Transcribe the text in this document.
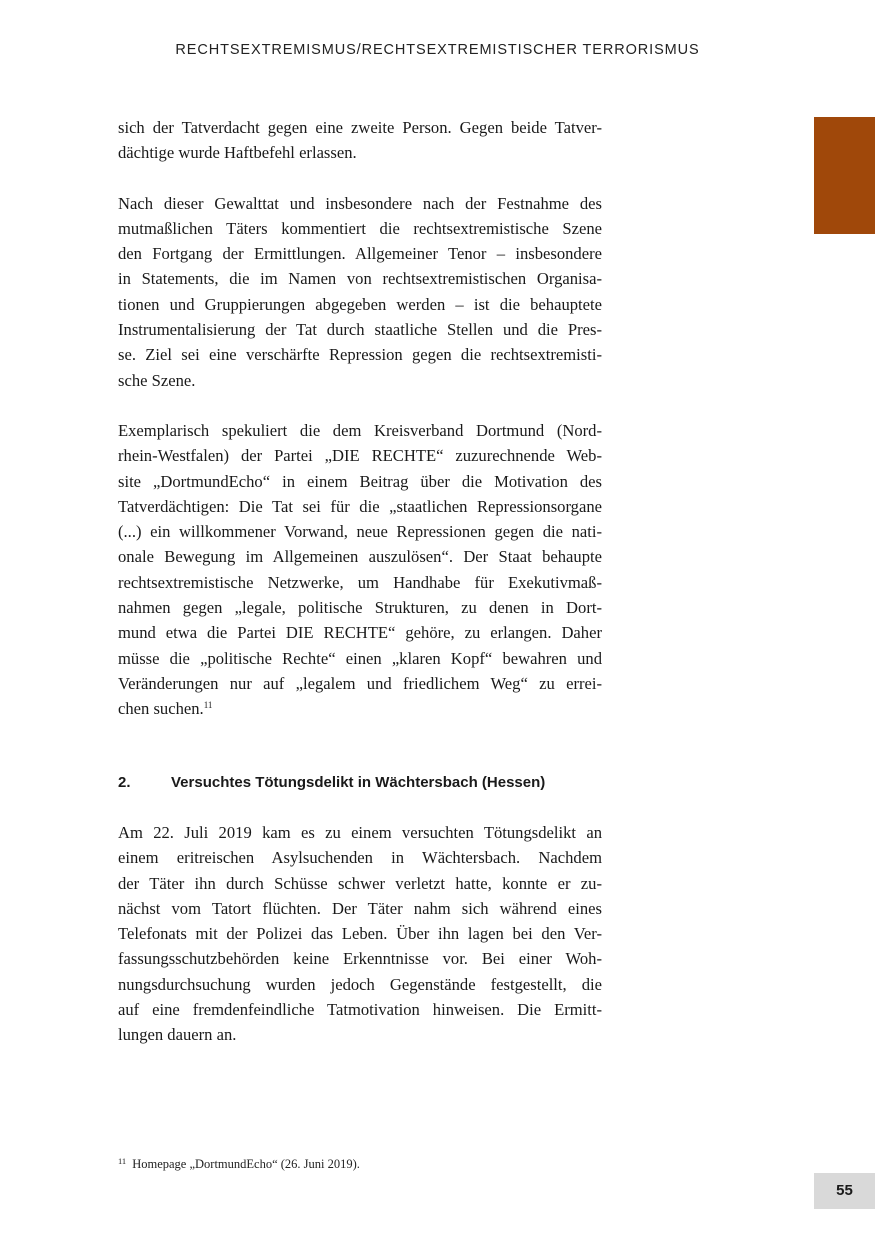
RECHTSEXTREMISMUS/RECHTSEXTREMISTISCHER TERRORISMUS

sich der Tatverdacht gegen eine zweite Person. Gegen beide Tatver-
dächtige wurde Haftbefehl erlassen.

Nach dieser Gewalttat und insbesondere nach der Festnahme des
mutmaßlichen Täters kommentiert die rechtsextremistische Szene
den Fortgang der Ermittlungen. Allgemeiner Tenor – insbesondere
in Statements, die im Namen von rechtsextremistischen Organisa-
tionen und Gruppierungen abgegeben werden – ist die behauptete
Instrumentalisierung der Tat durch staatliche Stellen und die Pres-
se. Ziel sei eine verschärfte Repression gegen die rechtsextremisti-
sche Szene.

Exemplarisch spekuliert die dem Kreisverband Dortmund (Nord-
rhein-Westfalen) der Partei „DIE RECHTE“ zuzurechnende Web-
site „DortmundEcho“ in einem Beitrag über die Motivation des
Tatverdächtigen: Die Tat sei für die „staatlichen Repressionsorgane
(...) ein willkommener Vorwand, neue Repressionen gegen die nati-
onale Bewegung im Allgemeinen auszulösen“. Der Staat behaupte
rechtsextremistische Netzwerke, um Handhabe für Exekutivmaß-
nahmen gegen „legale, politische Strukturen, zu denen in Dort-
mund etwa die Partei DIE RECHTE“ gehöre, zu erlangen. Daher
müsse die „politische Rechte“ einen „klaren Kopf“ bewahren und
Veränderungen nur auf „legalem und friedlichem Weg“ zu errei-
chen suchen.$^{11}$

2.	Versuchtes Tötungsdelikt in Wächtersbach (Hessen)

Am 22. Juli 2019 kam es zu einem versuchten Tötungsdelikt an
einem eritreischen Asylsuchenden in Wächtersbach. Nachdem
der Täter ihn durch Schüsse schwer verletzt hatte, konnte er zu-
nächst vom Tatort flüchten. Der Täter nahm sich während eines
Telefonats mit der Polizei das Leben. Über ihn lagen bei den Ver-
fassungsschutzbehörden keine Erkenntnisse vor. Bei einer Woh-
nungsdurchsuchung wurden jedoch Gegenstände festgestellt, die
auf eine fremdenfeindliche Tatmotivation hinweisen. Die Ermitt-
lungen dauern an.

$^{11}$ Homepage „DortmundEcho“ (26. Juni 2019).
55
